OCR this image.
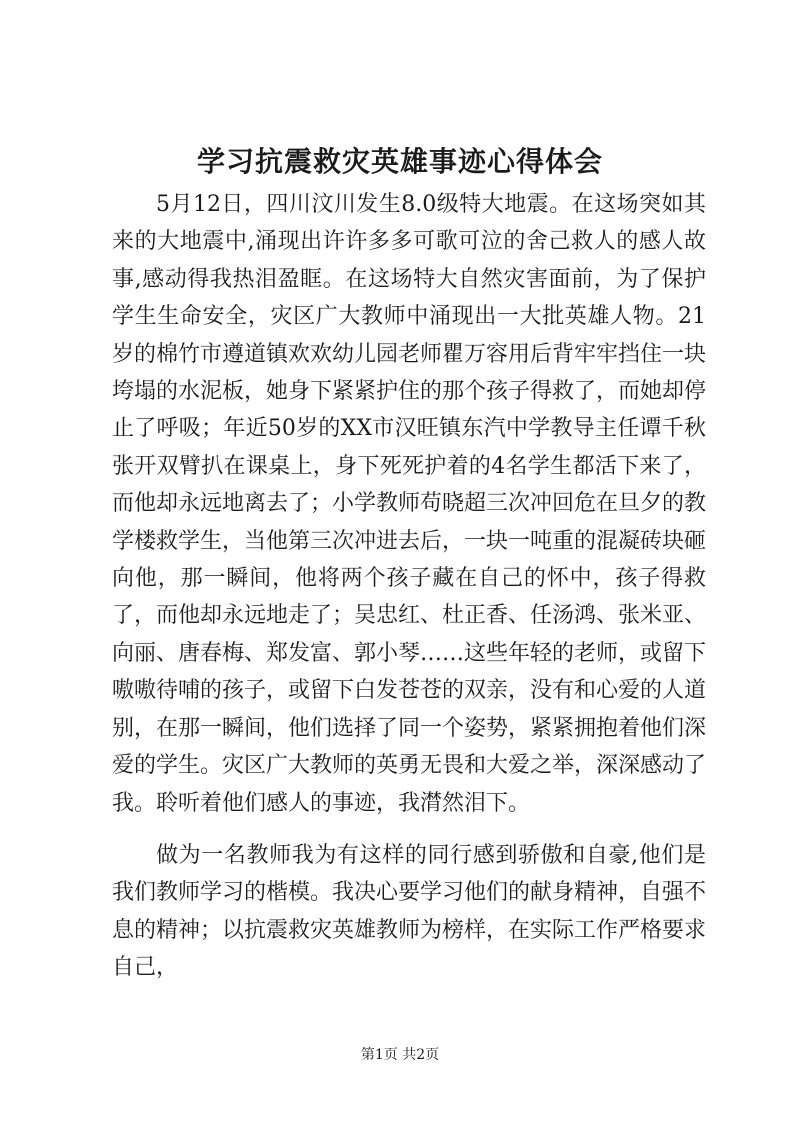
学习抗震救灾英雄事迹心得体会

5月12日，四川汶川发生8.0级特大地震。在这场突如其来的大地震中,涌现出许许多多可歌可泣的舍己救人的感人故事,感动得我热泪盈眶。在这场特大自然灾害面前，为了保护学生生命安全，灾区广大教师中涌现出一大批英雄人物。21岁的棉竹市遵道镇欢欢幼儿园老师瞿万容用后背牢牢挡住一块垮塌的水泥板，她身下紧紧护住的那个孩子得救了，而她却停止了呼吸；年近50岁的XX市汉旺镇东汽中学教导主任谭千秋张开双臂扒在课桌上，身下死死护着的4名学生都活下来了，而他却永远地离去了；小学教师苟晓超三次冲回危在旦夕的教学楼救学生，当他第三次冲进去后，一块一吨重的混凝砖块砸向他，那一瞬间，他将两个孩子藏在自己的怀中，孩子得救了，而他却永远地走了；吴忠红、杜正香、任汤鸿、张米亚、向丽、唐春梅、郑发富、郭小琴……这些年轻的老师，或留下嗷嗷待哺的孩子，或留下白发苍苍的双亲，没有和心爱的人道别，在那一瞬间，他们选择了同一个姿势，紧紧拥抱着他们深爱的学生。灾区广大教师的英勇无畏和大爱之举，深深感动了我。聆听着他们感人的事迹，我潸然泪下。

做为一名教师我为有这样的同行感到骄傲和自豪,他们是我们教师学习的楷模。我决心要学习他们的献身精神，自强不息的精神；以抗震救灾英雄教师为榜样，在实际工作严格要求自己，

第1页 共2页
